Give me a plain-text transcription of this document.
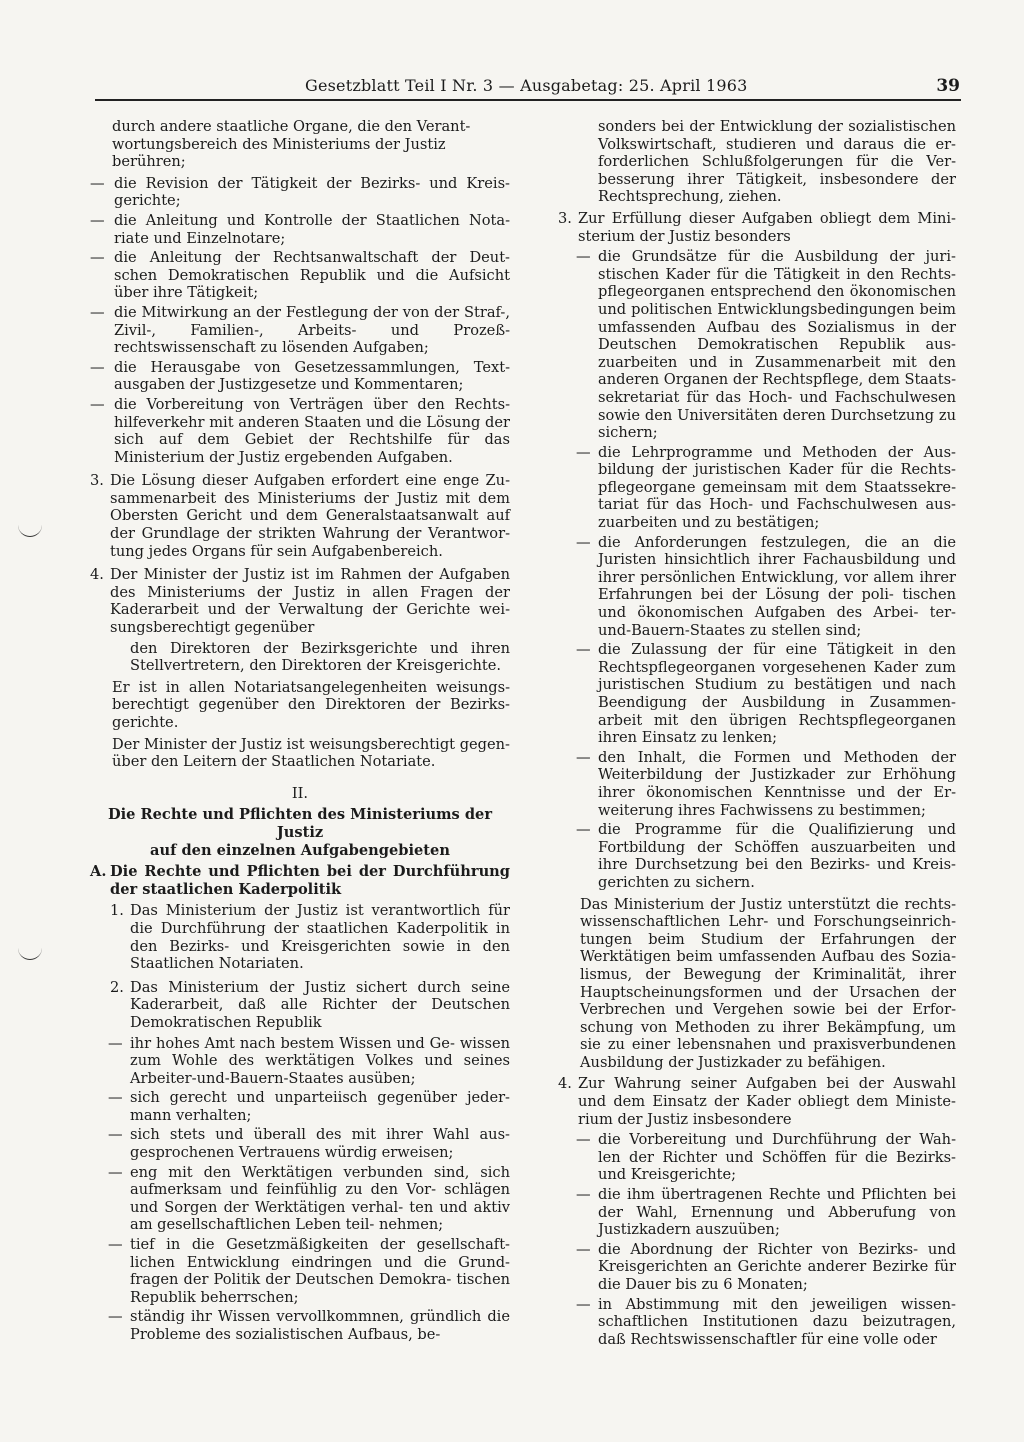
Gesetzblatt Teil I Nr. 3 — Ausgabetag: 25. April 1963	39
durch andere staatliche Organe, die den Verant-
wortungsbereich des Ministeriums der Justiz
berühren;
— die Revision der Tätigkeit der Bezirks- und Kreis- gerichte;
— die Anleitung und Kontrolle der Staatlichen Nota- riate und Einzelnotare;
— die Anleitung der Rechtsanwaltschaft der Deut- schen Demokratischen Republik und die Aufsicht über ihre Tätigkeit;
— die Mitwirkung an der Festlegung der von der Straf-, Zivil-, Familien-, Arbeits- und Prozeß- rechtswissenschaft zu lösenden Aufgaben;
— die Herausgabe von Gesetzessammlungen, Text- ausgaben der Justizgesetze und Kommentaren;
— die Vorbereitung von Verträgen über den Rechts- hilfeverkehr mit anderen Staaten und die Lösung der sich auf dem Gebiet der Rechtshilfe für das Ministerium der Justiz ergebenden Aufgaben.
3. Die Lösung dieser Aufgaben erfordert eine enge Zu- sammenarbeit des Ministeriums der Justiz mit dem Obersten Gericht und dem Generalstaatsanwalt auf der Grundlage der strikten Wahrung der Verantwor- tung jedes Organs für sein Aufgabenbereich.
4. Der Minister der Justiz ist im Rahmen der Aufgaben des Ministeriums der Justiz in allen Fragen der Kaderarbeit und der Verwaltung der Gerichte wei- sungsberechtigt gegenüber
den Direktoren der Bezirksgerichte und ihren Stellvertretern, den Direktoren der Kreisgerichte.
Er ist in allen Notariatsangelegenheiten weisungs- berechtigt gegenüber den Direktoren der Bezirks- gerichte.
Der Minister der Justiz ist weisungsberechtigt gegen- über den Leitern der Staatlichen Notariate.
II.
Die Rechte und Pflichten des Ministeriums der Justiz
auf den einzelnen Aufgabengebieten
A. Die Rechte und Pflichten bei der Durchführung der staatlichen Kaderpolitik
1. Das Ministerium der Justiz ist verantwortlich für die Durchführung der staatlichen Kaderpolitik in den Bezirks- und Kreisgerichten sowie in den Staatlichen Notariaten.
2. Das Ministerium der Justiz sichert durch seine Kaderarbeit, daß alle Richter der Deutschen Demokratischen Republik
— ihr hohes Amt nach bestem Wissen und Ge- wissen zum Wohle des werktätigen Volkes und seines Arbeiter-und-Bauern-Staates ausüben;
— sich gerecht und unparteiisch gegenüber jeder- mann verhalten;
— sich stets und überall des mit ihrer Wahl aus- gesprochenen Vertrauens würdig erweisen;
— eng mit den Werktätigen verbunden sind, sich aufmerksam und feinfühlig zu den Vor- schlägen und Sorgen der Werktätigen verhal- ten und aktiv am gesellschaftlichen Leben teil- nehmen;
— tief in die Gesetzmäßigkeiten der gesellschaft- lichen Entwicklung eindringen und die Grund- fragen der Politik der Deutschen Demokra- tischen Republik beherrschen;
— ständig ihr Wissen vervollkommnen, gründlich die Probleme des sozialistischen Aufbaus, be-
sonders bei der Entwicklung der sozialistischen Volkswirtschaft, studieren und daraus die er- forderlichen Schlußfolgerungen für die Ver- besserung ihrer Tätigkeit, insbesondere der Rechtsprechung, ziehen.
3. Zur Erfüllung dieser Aufgaben obliegt dem Mini- sterium der Justiz besonders
— die Grundsätze für die Ausbildung der juri- stischen Kader für die Tätigkeit in den Rechts- pflegeorganen entsprechend den ökonomischen und politischen Entwicklungsbedingungen beim umfassenden Aufbau des Sozialismus in der Deutschen Demokratischen Republik aus- zuarbeiten und in Zusammenarbeit mit den anderen Organen der Rechtspflege, dem Staats- sekretariat für das Hoch- und Fachschulwesen sowie den Universitäten deren Durchsetzung zu sichern;
— die Lehrprogramme und Methoden der Aus- bildung der juristischen Kader für die Rechts- pflegeorgane gemeinsam mit dem Staatssekre- tariat für das Hoch- und Fachschulwesen aus- zuarbeiten und zu bestätigen;
— die Anforderungen festzulegen, die an die Juristen hinsichtlich ihrer Fachausbildung und ihrer persönlichen Entwicklung, vor allem ihrer Erfahrungen bei der Lösung der poli- tischen und ökonomischen Aufgaben des Arbei- ter-und-Bauern-Staates zu stellen sind;
— die Zulassung der für eine Tätigkeit in den Rechtspflegeorganen vorgesehenen Kader zum juristischen Studium zu bestätigen und nach Beendigung der Ausbildung in Zusammen- arbeit mit den übrigen Rechtspflegeorganen ihren Einsatz zu lenken;
— den Inhalt, die Formen und Methoden der Weiterbildung der Justizkader zur Erhöhung ihrer ökonomischen Kenntnisse und der Er- weiterung ihres Fachwissens zu bestimmen;
— die Programme für die Qualifizierung und Fortbildung der Schöffen auszuarbeiten und ihre Durchsetzung bei den Bezirks- und Kreis- gerichten zu sichern.
Das Ministerium der Justiz unterstützt die rechts- wissenschaftlichen Lehr- und Forschungseinrich- tungen beim Studium der Erfahrungen der Werktätigen beim umfassenden Aufbau des Sozia- lismus, der Bewegung der Kriminalität, ihrer Hauptscheinungsformen und der Ursachen der Verbrechen und Vergehen sowie bei der Erfor- schung von Methoden zu ihrer Bekämpfung, um sie zu einer lebensnahen und praxisverbundenen Ausbildung der Justizkader zu befähigen.
4. Zur Wahrung seiner Aufgaben bei der Auswahl und dem Einsatz der Kader obliegt dem Ministe- rium der Justiz insbesondere
— die Vorbereitung und Durchführung der Wah- len der Richter und Schöffen für die Bezirks- und Kreisgerichte;
— die ihm übertragenen Rechte und Pflichten bei der Wahl, Ernennung und Abberufung von Justizkadern auszuüben;
— die Abordnung der Richter von Bezirks- und Kreisgerichten an Gerichte anderer Bezirke für die Dauer bis zu 6 Monaten;
— in Abstimmung mit den jeweiligen wissen- schaftlichen Institutionen dazu beizutragen, daß Rechtswissenschaftler für eine volle oder
